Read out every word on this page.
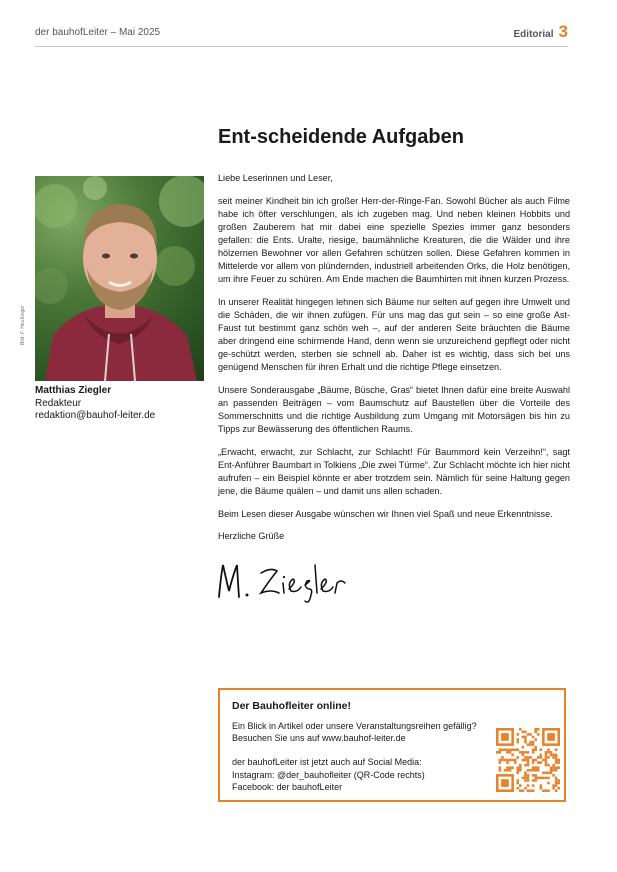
der bauhofLeiter – Mai 2025	Editorial 3
Ent-scheidende Aufgaben
Bild: F. Heußinger
Matthias Ziegler
Redakteur
redaktion@bauhof-leiter.de

Liebe Leserinnen und Leser,

seit meiner Kindheit bin ich großer Herr-der-Ringe-Fan. Sowohl Bücher als auch Filme habe ich öfter verschlungen, als ich zugeben mag. Und neben kleinen Hobbits und großen Zauberern hat mir dabei eine spezielle Spezies immer ganz besonders gefallen: die Ents. Uralte, riesige, baumähnliche Kreaturen, die die Wälder und ihre hölzernen Bewohner vor allen Gefahren schützen sollen. Diese Gefahren kommen in Mittelerde vor allem von plündernden, industriell arbeitenden Orks, die Holz benötigen, um ihre Feuer zu schüren. Am Ende machen die Baumhirten mit ihnen kurzen Prozess.

In unserer Realität hingegen lehnen sich Bäume nur selten auf gegen ihre Umwelt und die Schäden, die wir ihnen zufügen. Für uns mag das gut sein – so eine große Ast-Faust tut bestimmt ganz schön weh –, auf der anderen Seite bräuchten die Bäume aber dringend eine schirmende Hand, denn wenn sie unzureichend gepflegt oder nicht ge-schützt werden, sterben sie schnell ab. Daher ist es wichtig, dass sich bei uns genügend Menschen für ihren Erhalt und die richtige Pflege einsetzen.

Unsere Sonderausgabe „Bäume, Büsche, Gras“ bietet Ihnen dafür eine breite Auswahl an passenden Beiträgen – vom Baumschutz auf Baustellen über die Vorteile des Sommerschnitts und die richtige Ausbildung zum Umgang mit Motorsägen bis hin zu Tipps zur Bewässerung des öffentlichen Raums.

„Erwacht, erwacht, zur Schlacht, zur Schlacht! Für Baummord kein Verzeihn!“, sagt Ent-Anführer Baumbart in Tolkiens „Die zwei Türme“. Zur Schlacht möchte ich hier nicht aufrufen – ein Beispiel könnte er aber trotzdem sein. Nämlich für seine Haltung gegen jene, die Bäume quälen – und damit uns allen schaden.

Beim Lesen dieser Ausgabe wünschen wir Ihnen viel Spaß und neue Erkenntnisse.

Herzliche Grüße

Der Bauhofleiter online!
Ein Blick in Artikel oder unsere Veranstaltungsreihen gefällig?
Besuchen Sie uns auf www.bauhof-leiter.de
der bauhofLeiter ist jetzt auch auf Social Media:
Instagram: @der_bauhofleiter (QR-Code rechts)
Facebook: der bauhofLeiter
